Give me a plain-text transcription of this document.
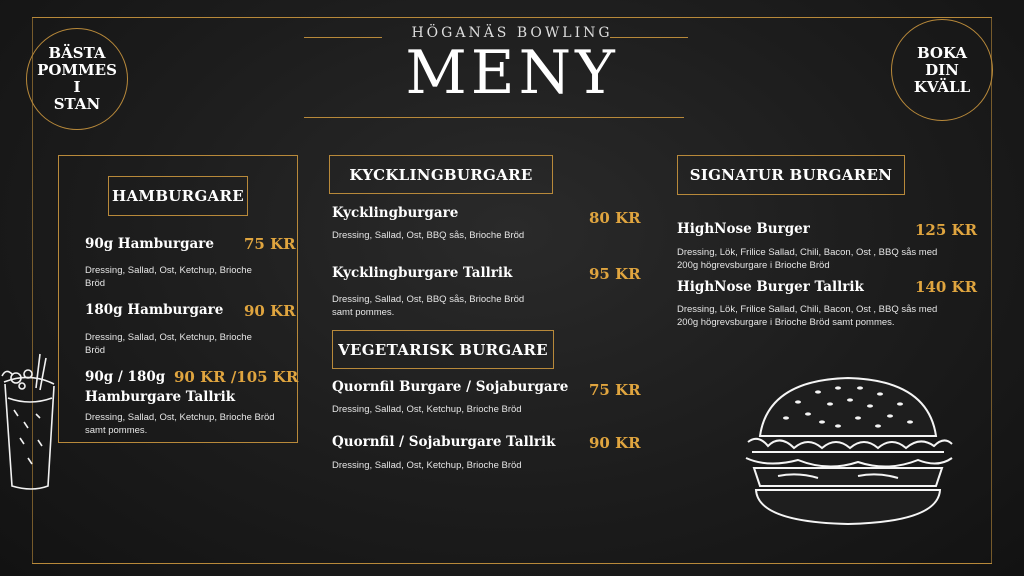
HÖGANÄS BOWLING
MENY
BÄSTA
POMMES
I
STAN
BOKA
DIN
KVÄLL
HAMBURGARE
90g Hamburgare 75 KR
Dressing, Sallad, Ost, Ketchup, Brioche Bröd
180g Hamburgare 90 KR
Dressing, Sallad, Ost, Ketchup, Brioche Bröd
90g / 180g 90 KR /105 KR
Hamburgare Tallrik
Dressing, Sallad, Ost, Ketchup, Brioche Bröd samt pommes.
KYCKLINGBURGARE
Kycklingburgare	80 KR
Dressing, Sallad, Ost, BBQ sås, Brioche Bröd
Kycklingburgare Tallrik	95 KR
Dressing, Sallad, Ost, BBQ sås, Brioche Bröd samt pommes.
VEGETARISK BURGARE
Quornfil Burgare / Sojaburgare 75 KR
Dressing, Sallad, Ost, Ketchup, Brioche Bröd
Quornfil / Sojaburgare Tallrik 90 KR
Dressing, Sallad, Ost, Ketchup, Brioche Bröd
SIGNATUR BURGAREN
HighNose Burger	125 KR
Dressing, Lök, Frilice Sallad, Chili, Bacon, Ost , BBQ sås med 200g högrevsburgare i Brioche Bröd
HighNose Burger Tallrik	140 KR
Dressing, Lök, Frilice Sallad, Chili, Bacon, Ost , BBQ sås med 200g högrevsburgare i Brioche Bröd samt pommes.
